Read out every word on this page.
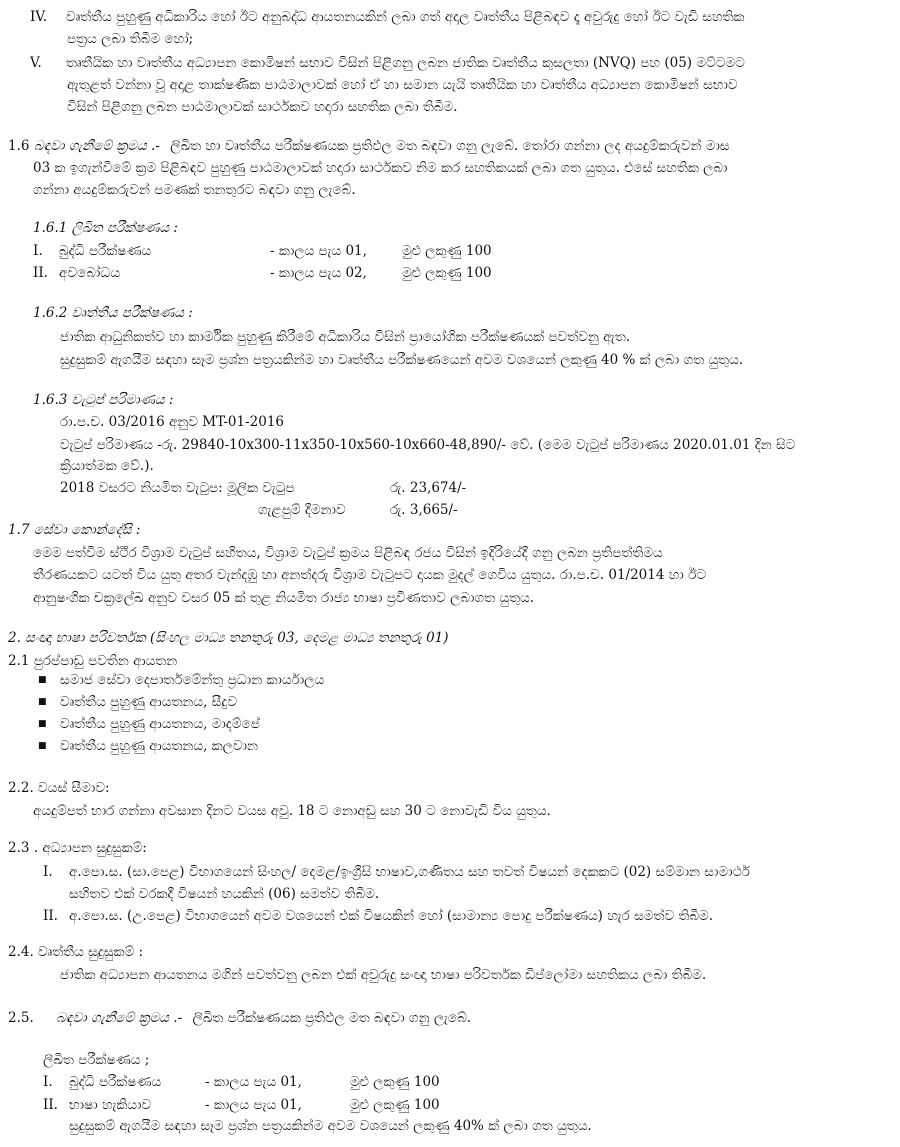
IV. වෘත්තීය පුහුණු අධිකාරිය හෝ ඊට අනුබද්ධ ආයතනයකින් ලබා ගත් අදාල වෘත්තීය පිළිබඳව දෑ අවුරුදු හෝ ඊට වැඩි සහතික
පත්‍රය ලබා තිබීම හෝ;
V. තෘතීයික හා වෘත්තීය අධ්‍යාපන කොමිෂන් සභාව විසින් පිළිගනු ලබන ජාතික වෘත්තීය කුසලතා (NVQ) පහ (05) මට්ටමට
ඇතුළත් වන්නා වූ අදාළ තාක්ෂණික පාඨමාලාවක් හෝ ඒ හා සමාන යැයි තෘතීයික හා වෘත්තීය අධ්‍යාපන කොමිෂන් සභාව
විසින් පිළිගනු ලබන පාඨමාලාවක් සාර්ථකව හදාරා සහතික ලබා තිබීම.
1.6 බඳවා ගැනීමේ ක්‍රමය .- ලිඛිත හා වෘත්තීය පරීක්ෂණයක ප්‍රතිඵල මත බඳවා ගනු ලැබේ. තෝරා ගන්නා ලද අයදුම්කරුවන් මාස
03 ක ඉගැන්වීමේ ක්‍රම පිළිබඳව පුහුණු පාඨමාලාවක් හදාරා සාර්ථකව නිම කර සහතිකයක් ලබා ගත යුතුය. එසේ සහතික ලබා
ගන්නා අයදුම්කරුවන් පමණක් තනතුරට බඳවා ගනු ලැබේ.
1.6.1 ලිඛිත පරීක්ෂණය :
I. බුද්ධි පරීක්ෂණය	- කාලය පැය 01,	මුළු ලකුණු 100
II. අවබෝධය	- කාලය පැය 02,	මුළු ලකුණු 100
1.6.2 වෘත්තීය පරීක්ෂණය :
ජාතික ආධුනිකත්ව හා කාර්මික පුහුණු කිරීමේ අධිකාරිය විසින් ප්‍රායෝගික පරීක්ෂණයක් පවත්වනු ඇත.
සුදුසුකම් ඇගයීම සඳහා සෑම ප්‍රශ්න පත්‍රයකින්ම හා වෘත්තීය පරීක්ෂණයෙන් අවම වශයෙන් ලකුණු 40 % ක් ලබා ගත යුතුය.
1.6.3 වැටුප් පරිමාණය :
රා.ප.ච. 03/2016 අනුව MT-01-2016
වැටුප් පරිමාණය -රු. 29840-10x300-11x350-10x560-10x660-48,890/- වේ. (මෙම වැටුප් පරිමාණය 2020.01.01 දින සිට
ක්‍රියාත්මක වේ.).
2018 වසරට නියමිත වැටුප: මූලික වැටුප	රු. 23,674/-
ගැළපුම් දීමනාව	රු. 3,665/-
1.7 සේවා කොන්දේසි :
මෙම පත්වීම ස්ථිර විශ්‍රාම වැටුප් සහිතය, විශ්‍රාම වැටුප් ක්‍රමය පිළිබඳ රජය විසින් ඉදිරියේදී ගනු ලබන ප්‍රතිපත්තිමය
තීරණයකට යටත් විය යුතු අතර වැන්දඹු හා අනත්දරු විශ්‍රාම වැටුපට දායක මුදල් ගෙවිය යුතුය. රා.ප.ච. 01/2014 හා ඊට
ආනුෂංගික චක්‍රලේඛ අනුව වසර 05 ක් තුළ නියමිත රාජ්‍ය භාෂා ප්‍රවීණතාව ලබාගත යුතුය.
2. සංඥා භාෂා පරිවර්තක (සිංහල මාධ්‍ය තනතුරු 03, දෙමළ මාධ්‍ය තනතුරු 01)
2.1 පුරප්පාඩු පවතින ආයතන
■ සමාජ සේවා දෙපාර්තමේන්තු ප්‍රධාන කාර්යාලය
■ වෘත්තීය පුහුණු ආයතනය, සීදුව
■ වෘත්තීය පුහුණු ආයතනය, මාදම්පේ
■ වෘත්තීය පුහුණු ආයතනය, කලවාන
2.2. වයස් සීමාව:
අයදුම්පත් භාර ගන්නා අවසාන දිනට වයස අවු. 18 ට නොඅඩු සහ 30 ට නොවැඩි විය යුතුය.
2.3 . අධ්‍යාපන සුදුසුකම්:
I. අ.පො.ස. (සා.පෙළ) විභාගයෙන් සිංහල/ දෙමළ/ඉංග්‍රීසි භාෂාව,ගණිතය සහ තවත් විෂයන් දෙකකට (02) සම්මාන සාමාර්ථ
සහිතව එක් වරකදී විෂයන් හයකින් (06) සමත්ව තිබීම.
II. අ.පො.ස. (උ.පෙළ) විභාගයෙන් අවම වශයෙන් එක් විෂයකින් හෝ (සාමාන්‍ය පොදු පරීක්ෂණය) හැර සමත්ව තිබීම.
2.4. වෘත්තීය සුදුසුකම් :
ජාතික අධ්‍යාපන ආයතනය මගින් පවත්වනු ලබන එක් අවුරුදු සංඥා භාෂා පරිවර්තක ඩිප්ලෝමා සහතිකය ලබා තිබීම.
2.5. බඳවා ගැනීමේ ක්‍රමය .- ලිඛිත පරීක්ෂණයක ප්‍රතිඵල මත බඳවා ගනු ලැබේ.
ලිඛිත පරීක්ෂණය ;
I. බුද්ධි පරීක්ෂණය	- කාලය පැය 01,	මුළු ලකුණු 100
II. භාෂා හැකියාව	- කාලය පැය 01,	මුළු ලකුණු 100
සුදුසුකම් ඇගයීම සඳහා සෑම ප්‍රශ්න පත්‍රයකින්ම අවම වශයෙන් ලකුණු 40% ක් ලබා ගත යුතුය.
